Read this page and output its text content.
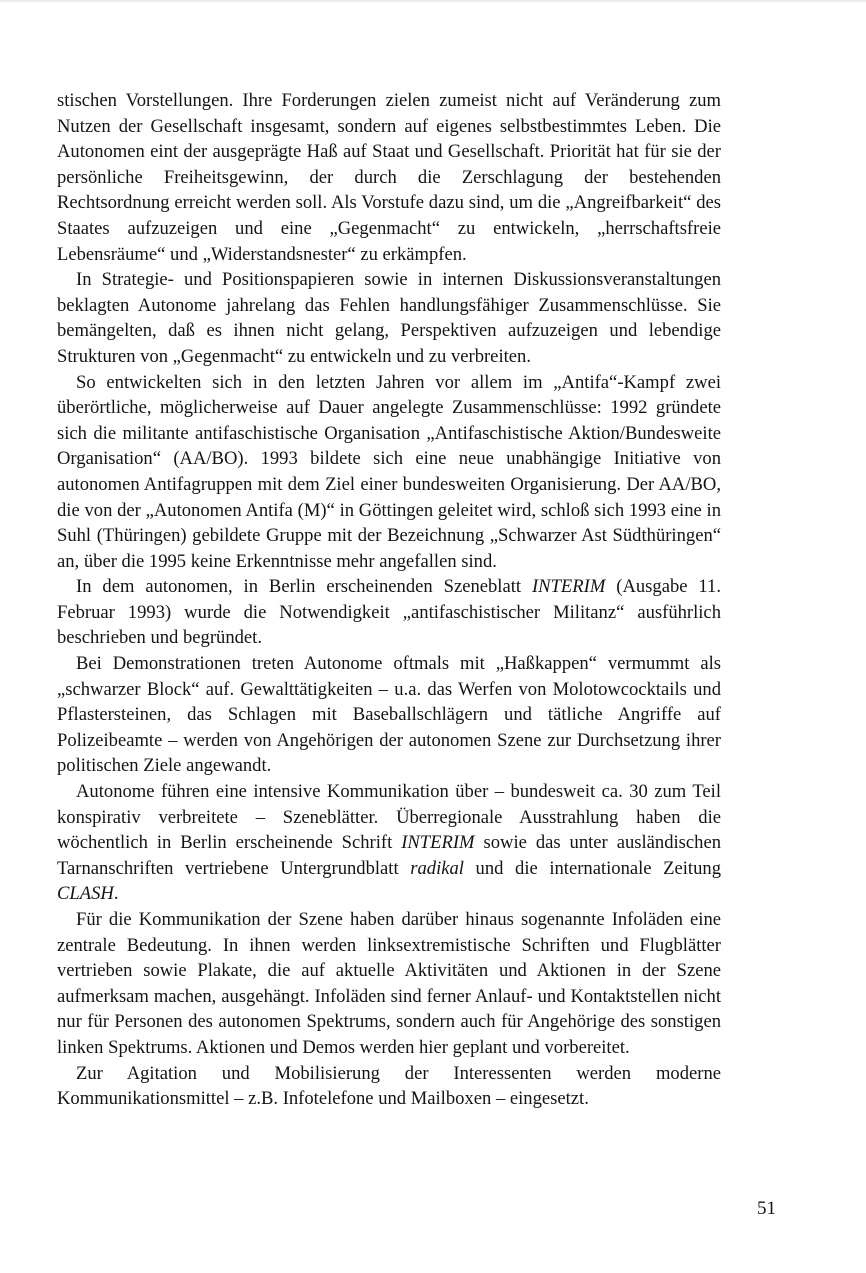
stischen Vorstellungen. Ihre Forderungen zielen zumeist nicht auf Veränderung zum Nutzen der Gesellschaft insgesamt, sondern auf eigenes selbstbestimmtes Leben. Die Autonomen eint der ausgeprägte Haß auf Staat und Gesellschaft. Priorität hat für sie der persönliche Freiheitsgewinn, der durch die Zerschlagung der bestehenden Rechtsordnung erreicht werden soll. Als Vorstufe dazu sind, um die „Angreifbarkeit“ des Staates aufzuzeigen und eine „Gegenmacht“ zu entwickeln, „herrschaftsfreie Lebensräume“ und „Widerstandsnester“ zu erkämpfen.

In Strategie- und Positionspapieren sowie in internen Diskussionsveranstaltungen beklagten Autonome jahrelang das Fehlen handlungsfähiger Zusammenschlüsse. Sie bemängelten, daß es ihnen nicht gelang, Perspektiven aufzuzeigen und lebendige Strukturen von „Gegenmacht“ zu entwickeln und zu verbreiten.

So entwickelten sich in den letzten Jahren vor allem im „Antifa“-Kampf zwei überörtliche, möglicherweise auf Dauer angelegte Zusammenschlüsse: 1992 gründete sich die militante antifaschistische Organisation „Antifaschistische Aktion/Bundesweite Organisation“ (AA/BO). 1993 bildete sich eine neue unabhängige Initiative von autonomen Antifagruppen mit dem Ziel einer bundesweiten Organisierung. Der AA/BO, die von der „Autonomen Antifa (M)“ in Göttingen geleitet wird, schloß sich 1993 eine in Suhl (Thüringen) gebildete Gruppe mit der Bezeichnung „Schwarzer Ast Südthüringen“ an, über die 1995 keine Erkenntnisse mehr angefallen sind.

In dem autonomen, in Berlin erscheinenden Szeneblatt INTERIM (Ausgabe 11. Februar 1993) wurde die Notwendigkeit „antifaschistischer Militanz“ ausführlich beschrieben und begründet.

Bei Demonstrationen treten Autonome oftmals mit „Haßkappen“ vermummt als „schwarzer Block“ auf. Gewalttätigkeiten – u.a. das Werfen von Molotowcocktails und Pflastersteinen, das Schlagen mit Baseballschlägern und tätliche Angriffe auf Polizeibeamte – werden von Angehörigen der autonomen Szene zur Durchsetzung ihrer politischen Ziele angewandt.

Autonome führen eine intensive Kommunikation über – bundesweit ca. 30 zum Teil konspirativ verbreitete – Szeneblätter. Überregionale Ausstrahlung haben die wöchentlich in Berlin erscheinende Schrift INTERIM sowie das unter ausländischen Tarnanschriften vertriebene Untergrundblatt radikal und die internationale Zeitung CLASH.

Für die Kommunikation der Szene haben darüber hinaus sogenannte Infoläden eine zentrale Bedeutung. In ihnen werden linksextremistische Schriften und Flugblätter vertrieben sowie Plakate, die auf aktuelle Aktivitäten und Aktionen in der Szene aufmerksam machen, ausgehängt. Infoläden sind ferner Anlauf- und Kontaktstellen nicht nur für Personen des autonomen Spektrums, sondern auch für Angehörige des sonstigen linken Spektrums. Aktionen und Demos werden hier geplant und vorbereitet.

Zur Agitation und Mobilisierung der Interessenten werden moderne Kommunikationsmittel – z.B. Infotelefone und Mailboxen – eingesetzt.

51
